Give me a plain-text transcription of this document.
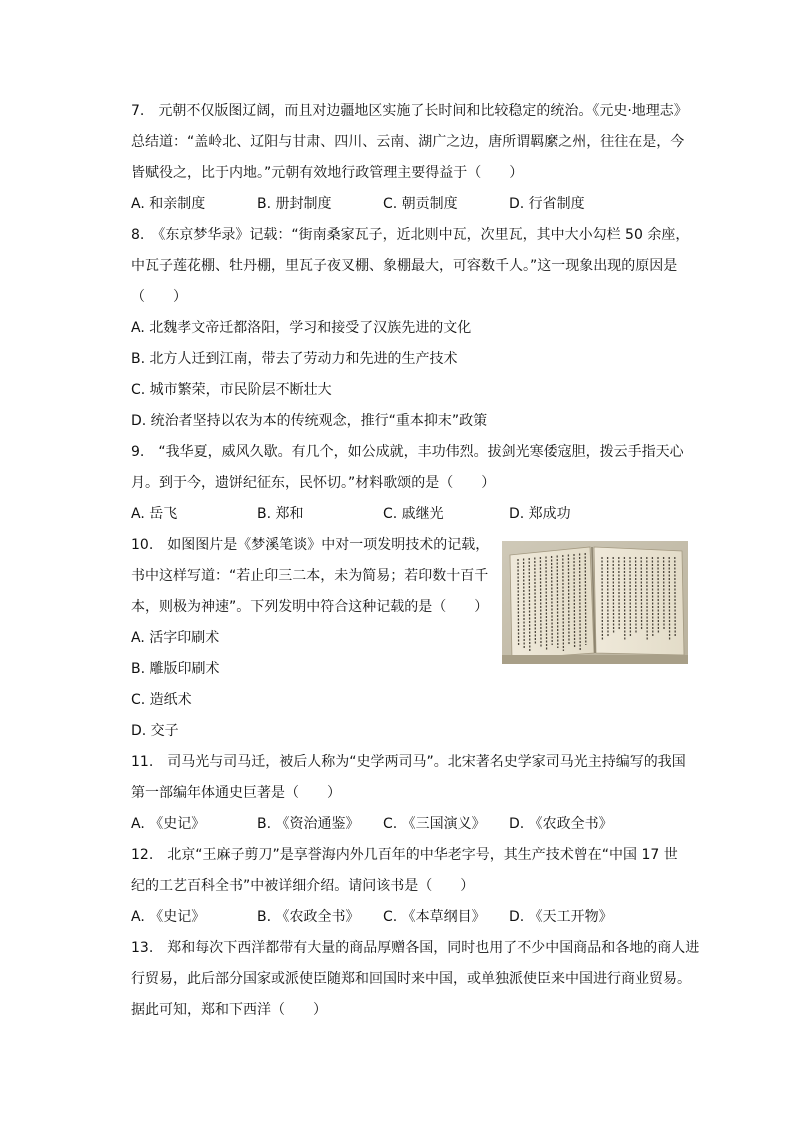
7.　元朝不仅版图辽阔，而且对边疆地区实施了长时间和比较稳定的统治。《元史·地理志》
总结道：“盖岭北、辽阳与甘肃、四川、云南、湖广之边，唐所谓羁縻之州，往往在是，今
皆赋役之，比于内地。”元朝有效地行政管理主要得益于（　　）
A. 和亲制度	B. 册封制度	C. 朝贡制度	D. 行省制度
8.　《东京梦华录》记载：“街南桑家瓦子，近北则中瓦，次里瓦，其中大小勾栏 50 余座，
中瓦子莲花棚、牡丹棚，里瓦子夜叉棚、象棚最大，可容数千人。”这一现象出现的原因是
（　　）
A. 北魏孝文帝迁都洛阳，学习和接受了汉族先进的文化
B. 北方人迁到江南，带去了劳动力和先进的生产技术
C. 城市繁荣，市民阶层不断壮大
D. 统治者坚持以农为本的传统观念，推行“重本抑末”政策
9.　“我华夏，威风久歇。有几个，如公成就，丰功伟烈。拔剑光寒倭寇胆，拨云手指天心
月。到于今，遗饼纪征东，民怀切。”材料歌颂的是（　　）
A. 岳飞	B. 郑和	C. 戚继光	D. 郑成功
10.　如图图片是《梦溪笔谈》中对一项发明技术的记载，
书中这样写道：“若止印三二本，未为简易；若印数十百千
本，则极为神速”。下列发明中符合这种记载的是（　　）
A. 活字印刷术
B. 雕版印刷术
C. 造纸术
D. 交子
11.　司马光与司马迁，被后人称为“史学两司马”。北宋著名史学家司马光主持编写的我国
第一部编年体通史巨著是（　　）
A. 《史记》	B. 《资治通鉴》	C. 《三国演义》	D. 《农政全书》
12.　北京“王麻子剪刀”是享誉海内外几百年的中华老字号，其生产技术曾在“中国 17 世
纪的工艺百科全书”中被详细介绍。请问该书是（　　）
A. 《史记》	B. 《农政全书》	C. 《本草纲目》	D. 《天工开物》
13.　郑和每次下西洋都带有大量的商品厚赠各国，同时也用了不少中国商品和各地的商人进
行贸易，此后部分国家或派使臣随郑和回国时来中国，或单独派使臣来中国进行商业贸易。
据此可知，郑和下西洋（　　）
